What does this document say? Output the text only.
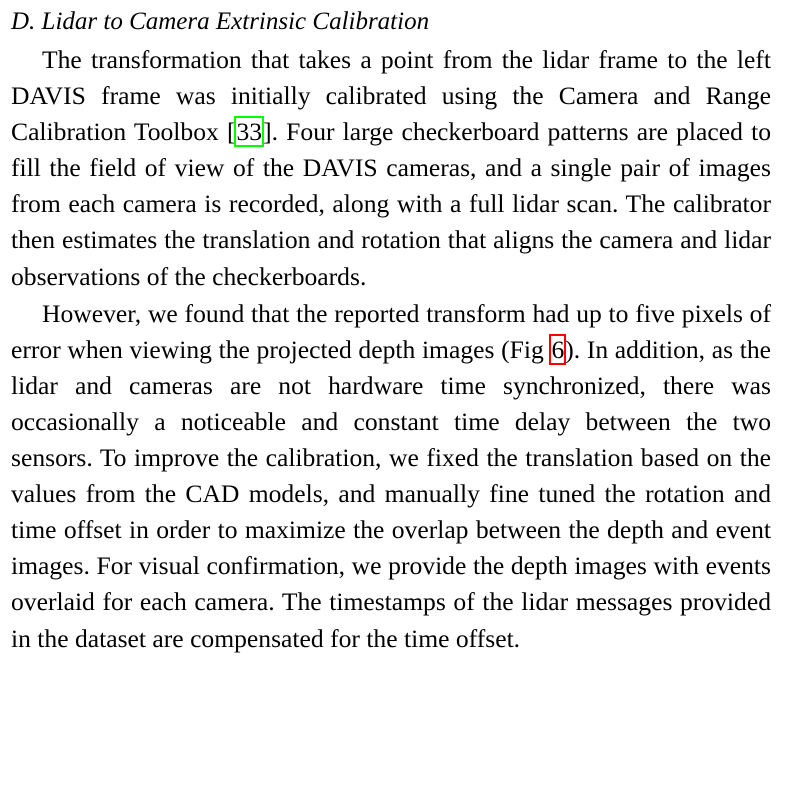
D. Lidar to Camera Extrinsic Calibration

The transformation that takes a point from the lidar frame to the left DAVIS frame was initially calibrated using the Camera and Range Calibration Toolbox [33]. Four large checkerboard patterns are placed to fill the field of view of the DAVIS cameras, and a single pair of images from each camera is recorded, along with a full lidar scan. The calibrator then estimates the translation and rotation that aligns the camera and lidar observations of the checkerboards.

However, we found that the reported transform had up to five pixels of error when viewing the projected depth images (Fig 6). In addition, as the lidar and cameras are not hardware time synchronized, there was occasionally a noticeable and constant time delay between the two sensors. To improve the calibration, we fixed the translation based on the values from the CAD models, and manually fine tuned the rotation and time offset in order to maximize the overlap between the depth and event images. For visual confirmation, we provide the depth images with events overlaid for each camera. The timestamps of the lidar messages provided in the dataset are compensated for the time offset.
